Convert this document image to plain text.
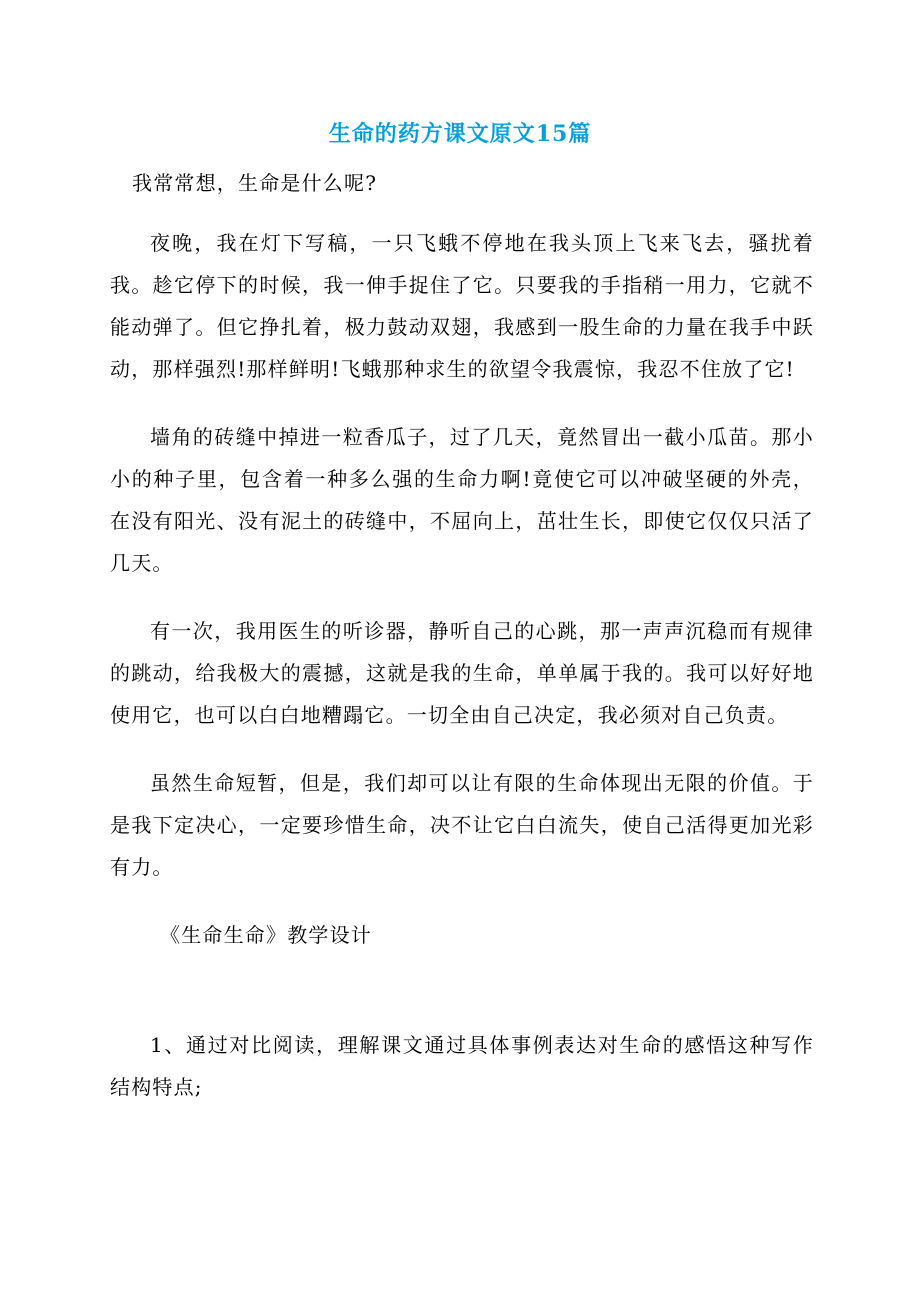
生命的药方课文原文15篇

我常常想，生命是什么呢?

夜晚，我在灯下写稿，一只飞蛾不停地在我头顶上飞来飞去，骚扰着我。趁它停下的时候，我一伸手捉住了它。只要我的手指稍一用力，它就不能动弹了。但它挣扎着，极力鼓动双翅，我感到一股生命的力量在我手中跃动，那样强烈!那样鲜明!飞蛾那种求生的欲望令我震惊，我忍不住放了它!

墙角的砖缝中掉进一粒香瓜子，过了几天，竟然冒出一截小瓜苗。那小小的种子里，包含着一种多么强的生命力啊!竟使它可以冲破坚硬的外壳，在没有阳光、没有泥土的砖缝中，不屈向上，茁壮生长，即使它仅仅只活了几天。

有一次，我用医生的听诊器，静听自己的心跳，那一声声沉稳而有规律的跳动，给我极大的震撼，这就是我的生命，单单属于我的。我可以好好地使用它，也可以白白地糟蹋它。一切全由自己决定，我必须对自己负责。

虽然生命短暂，但是，我们却可以让有限的生命体现出无限的价值。于是我下定决心，一定要珍惜生命，决不让它白白流失，使自己活得更加光彩有力。

《生命生命》教学设计

1、通过对比阅读，理解课文通过具体事例表达对生命的感悟这种写作结构特点;
